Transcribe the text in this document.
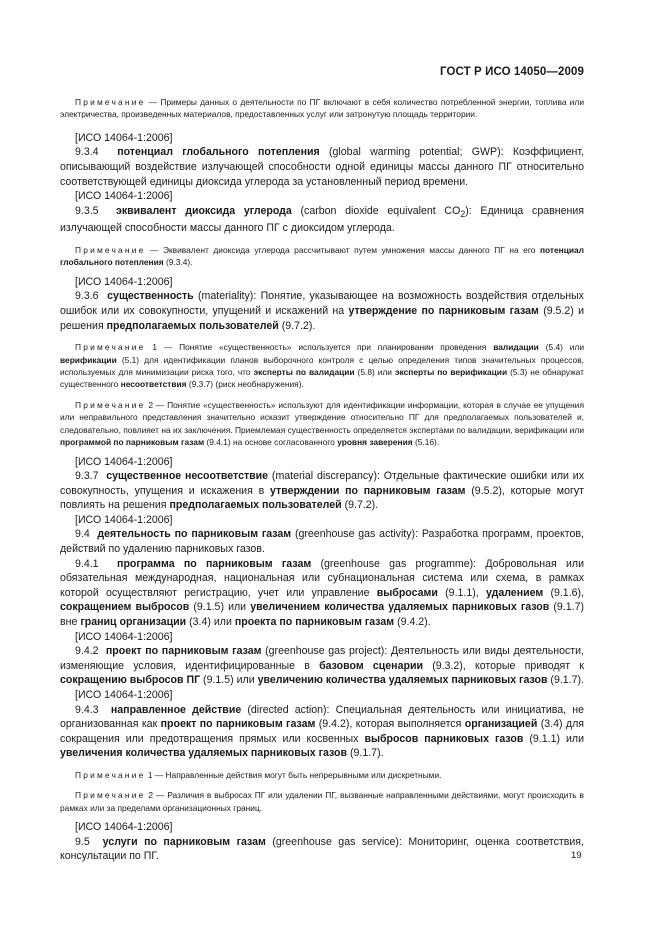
ГОСТ Р ИСО 14050—2009

Примечание — Примеры данных о деятельности по ПГ включают в себя количество потребленной энергии, топлива или электричества, произведенных материалов, предоставленных услуг или затронутую площадь территории.

[ИСО 14064-1:2006]

9.3.4 потенциал глобального потепления (global warming potential; GWP): Коэффициент, описывающий воздействие излучающей способности одной единицы массы данного ПГ относительно соответствующей единицы диоксида углерода за установленный период времени.

[ИСО 14064-1:2006]

9.3.5 эквивалент диоксида углерода (carbon dioxide equivalent $CO_2$): Единица сравнения излучающей способности массы данного ПГ с диоксидом углерода.

Примечание — Эквивалент диоксида углерода рассчитывают путем умножения массы данного ПГ на его потенциал глобального потепления (9.3.4).

[ИСО 14064-1:2006]

9.3.6 существенность (materiality): Понятие, указывающее на возможность воздействия отдельных ошибок или их совокупности, упущений и искажений на утверждение по парниковым газам (9.5.2) и решения предполагаемых пользователей (9.7.2).

Примечание 1 — Понятие «существенность» используется при планировании проведения валидации (5.4) или верификации (5.1) для идентификации планов выборочного контроля с целью определения типов значительных процессов, используемых для минимизации риска того, что эксперты по валидации (5.8) или эксперты по верификации (5.3) не обнаружат существенного несоответствия (9.3.7) (риск необнаружения).

Примечание 2 — Понятие «существенность» используют для идентификации информации, которая в случае ее упущения или неправильного представления значительно исказит утверждение относительно ПГ для предполагаемых пользователей и, следовательно, повлияет на их заключения. Приемлемая существенность определяется экспертами по валидации, верификации или программой по парниковым газам (9.4.1) на основе согласованного уровня заверения (5.16).

[ИСО 14064-1:2006]

9.3.7 существенное несоответствие (material discrepancy): Отдельные фактические ошибки или их совокупность, упущения и искажения в утверждении по парниковым газам (9.5.2), которые могут повлиять на решения предполагаемых пользователей (9.7.2).

[ИСО 14064-1:2006]

9.4 деятельность по парниковым газам (greenhouse gas activity): Разработка программ, проектов, действий по удалению парниковых газов.

9.4.1 программа по парниковым газам (greenhouse gas programme): Добровольная или обязательная международная, национальная или субнациональная система или схема, в рамках которой осуществляют регистрацию, учет или управление выбросами (9.1.1), удалением (9.1.6), сокращением выбросов (9.1.5) или увеличением количества удаляемых парниковых газов (9.1.7) вне границ организации (3.4) или проекта по парниковым газам (9.4.2).

[ИСО 14064-1:2006]

9.4.2 проект по парниковым газам (greenhouse gas project): Деятельность или виды деятельности, изменяющие условия, идентифицированные в базовом сценарии (9.3.2), которые приводят к сокращению выбросов ПГ (9.1.5) или увеличению количества удаляемых парниковых газов (9.1.7).

[ИСО 14064-1:2006]

9.4.3 направленное действие (directed action): Специальная деятельность или инициатива, не организованная как проект по парниковым газам (9.4.2), которая выполняется организацией (3.4) для сокращения или предотвращения прямых или косвенных выбросов парниковых газов (9.1.1) или увеличения количества удаляемых парниковых газов (9.1.7).

Примечание 1 — Направленные действия могут быть непрерывными или дискретными.

Примечание 2 — Различия в выбросах ПГ или удалении ПГ, вызванные направленными действиями, могут происходить в рамках или за пределами организационных границ.

[ИСО 14064-1:2006]

9.5 услуги по парниковым газам (greenhouse gas service): Мониторинг, оценка соответствия, консультации по ПГ.	19
